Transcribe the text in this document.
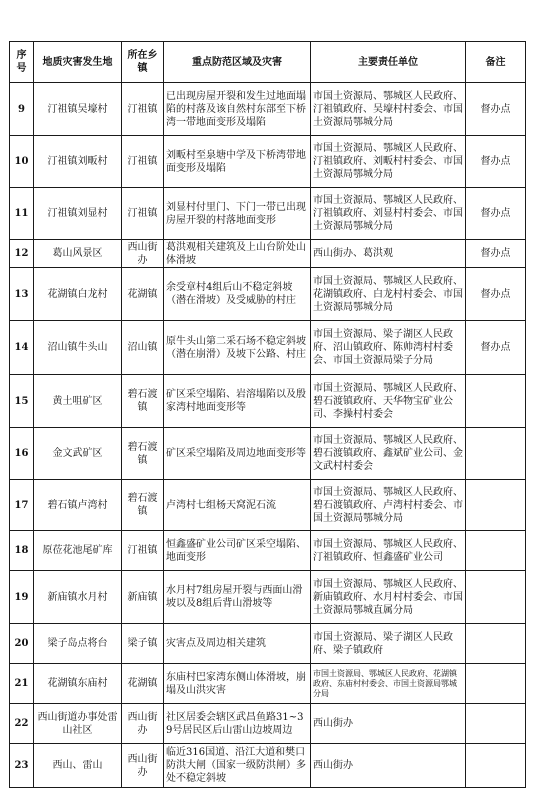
序号	地质灾害发生地	所在乡镇	重点防范区域及灾害	主要责任单位	备注
9	汀祖镇吴壕村	汀祖镇	已出现房屋开裂和发生过地面塌陷的村落及该自然村东部至下桥湾一带地面变形及塌陷	市国土资源局、鄂城区人民政府、汀祖镇政府、吴壕村村委会、市国土资源局鄂城分局	督办点
10	汀祖镇刘畈村	汀祖镇	刘畈村至泉塘中学及下桥湾带地面变形及塌陷	市国土资源局、鄂城区人民政府、汀祖镇政府、刘畈村村委会、市国土资源局鄂城分局	督办点
11	汀祖镇刘显村	汀祖镇	刘显村付里门、下门一带已出现房屋开裂的村落地面变形	市国土资源局、鄂城区人民政府、汀祖镇政府、刘显村村委会、市国土资源局鄂城分局	督办点
12	葛山风景区	西山街办	葛洪观相关建筑及上山台阶处山体滑坡	西山街办、葛洪观	督办点
13	花湖镇白龙村	花湖镇	余受章村4组后山不稳定斜坡（潜在滑坡）及受威胁的村庄	市国土资源局、鄂城区人民政府、花湖镇政府、白龙村村委会、市国土资源局鄂城分局	督办点
14	沼山镇牛头山	沼山镇	原牛头山第二采石场不稳定斜坡（潜在崩滑）及坡下公路、村庄	市国土资源局、梁子湖区人民政府、沼山镇政府、陈帅湾村村委会、市国土资源局梁子分局	督办点
15	黄土咀矿区	碧石渡镇	矿区采空塌陷、岩溶塌陷以及殷家湾村地面变形等	市国土资源局、鄂城区人民政府、碧石渡镇政府、天华物宝矿业公司、李操村村委会	
16	金文武矿区	碧石渡镇	矿区采空塌陷及周边地面变形等	市国土资源局、鄂城区人民政府、碧石渡镇政府、鑫斌矿业公司、金文武村村委会	
17	碧石镇卢湾村	碧石渡镇	卢湾村七组杨天窝泥石流	市国土资源局、鄂城区人民政府、碧石渡镇政府、卢湾村村委会、市国土资源局鄂城分局	
18	原莅花池尾矿库	汀祖镇	恒鑫盛矿业公司矿区采空塌陷、地面变形	市国土资源局、鄂城区人民政府、汀祖镇政府、恒鑫盛矿业公司	
19	新庙镇水月村	新庙镇	水月村7组房屋开裂与西面山滑坡以及8组后背山滑坡等	市国土资源局、鄂城区人民政府、新庙镇政府、水月村村委会、市国土资源局鄂城直属分局	
20	梁子岛点将台	梁子镇	灾害点及周边相关建筑	市国土资源局、梁子湖区人民政府、梁子镇政府	
21	花湖镇东庙村	花湖镇	东庙村巴家湾东侧山体滑坡，崩塌及山洪灾害	市国土资源局、鄂城区人民政府、花湖镇政府、东庙村村委会、市国土资源局鄂城分局	
22	西山街道办事处雷山社区	西山街办	社区居委会辖区武昌鱼路31~39号居民区后山雷山边坡周边	西山街办	
23	西山、雷山	西山街办	临近316国道、沿江大道和樊口防洪大闸（国家一级防洪闸）多处不稳定斜坡	西山街办	
